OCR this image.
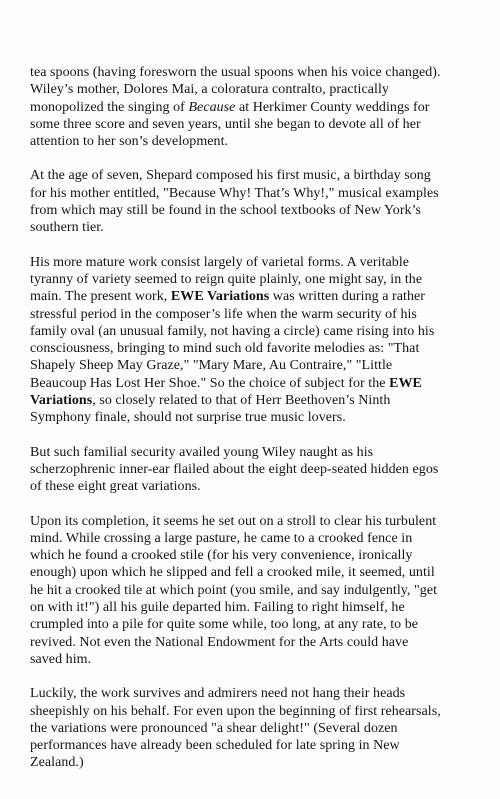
tea spoons (having foresworn the usual spoons when his voice changed).
Wiley’s mother, Dolores Mai, a coloratura contralto, practically
monopolized the singing of Because at Herkimer County weddings for
some three score and seven years, until she began to devote all of her
attention to her son’s development.

At the age of seven, Shepard composed his first music, a birthday song
for his mother entitled, "Because Why! That’s Why!," musical examples
from which may still be found in the school textbooks of New York’s
southern tier.

His more mature work consist largely of varietal forms. A veritable
tyranny of variety seemed to reign quite plainly, one might say, in the
main. The present work, EWE Variations was written during a rather
stressful period in the composer’s life when the warm security of his
family oval (an unusual family, not having a circle) came rising into his
consciousness, bringing to mind such old favorite melodies as: "That
Shapely Sheep May Graze," "Mary Mare, Au Contraire," "Little
Beaucoup Has Lost Her Shoe." So the choice of subject for the EWE
Variations, so closely related to that of Herr Beethoven’s Ninth
Symphony finale, should not surprise true music lovers.

But such familial security availed young Wiley naught as his
scherzophrenic inner-ear flailed about the eight deep-seated hidden egos
of these eight great variations.

Upon its completion, it seems he set out on a stroll to clear his turbulent
mind. While crossing a large pasture, he came to a crooked fence in
which he found a crooked stile (for his very convenience, ironically
enough) upon which he slipped and fell a crooked mile, it seemed, until
he hit a crooked tile at which point (you smile, and say indulgently, "get
on with it!") all his guile departed him. Failing to right himself, he
crumpled into a pile for quite some while, too long, at any rate, to be
revived. Not even the National Endowment for the Arts could have
saved him.

Luckily, the work survives and admirers need not hang their heads
sheepishly on his behalf. For even upon the beginning of first rehearsals,
the variations were pronounced "a shear delight!" (Several dozen
performances have already been scheduled for late spring in New
Zealand.)
